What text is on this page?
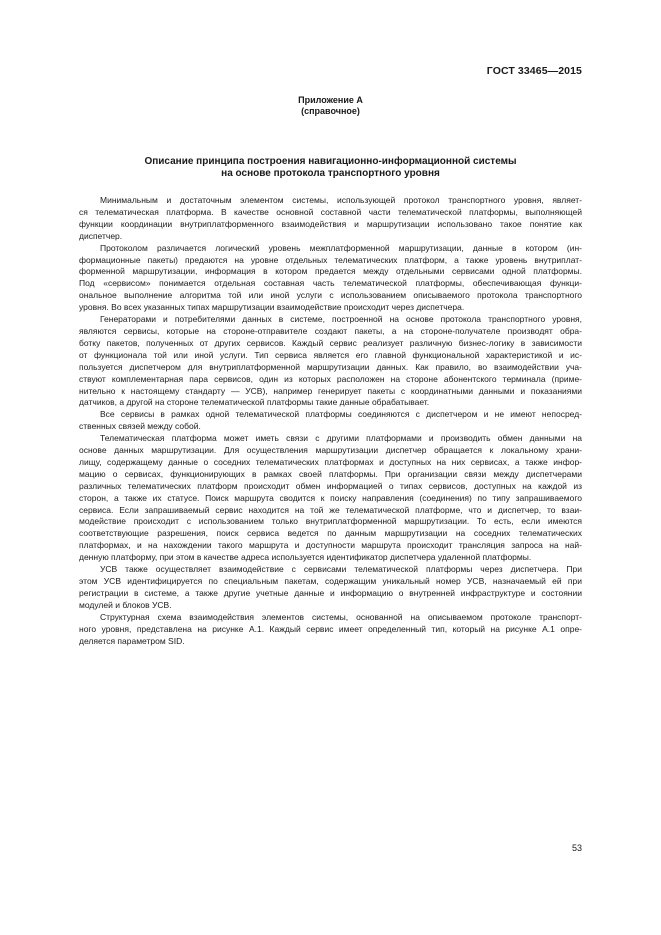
ГОСТ 33465—2015
Приложение А
(справочное)
Описание принципа построения навигационно-информационной системы
на основе протокола транспортного уровня
Минимальным и достаточным элементом системы, использующей протокол транспортного уровня, являет-
ся телематическая платформа. В качестве основной составной части телематической платформы, выполняющей
функции координации внутриплатформенного взаимодействия и маршрутизации использовано такое понятие как
диспетчер.
Протоколом различается логический уровень межплатформенной маршрутизации, данные в котором (ин-
формационные пакеты) предаются на уровне отдельных телематических платформ, а также уровень внутриплат-
форменной маршрутизации, информация в котором предается между отдельными сервисами одной платформы.
Под «сервисом» понимается отдельная составная часть телематической платформы, обеспечивающая функци-
ональное выполнение алгоритма той или иной услуги с использованием описываемого протокола транспортного
уровня. Во всех указанных типах маршрутизации взаимодействие происходит через диспетчера.
Генераторами и потребителями данных в системе, построенной на основе протокола транспортного уровня,
являются сервисы, которые на стороне-отправителе создают пакеты, а на стороне-получателе производят обра-
ботку пакетов, полученных от других сервисов. Каждый сервис реализует различную бизнес-логику в зависимости
от функционала той или иной услуги. Тип сервиса является его главной функциональной характеристикой и ис-
пользуется диспетчером для внутриплатформенной маршрутизации данных. Как правило, во взаимодействии уча-
ствуют комплементарная пара сервисов, один из которых расположен на стороне абонентского терминала (приме-
нительно к настоящему стандарту — УСВ), например генерирует пакеты с координатными данными и показаниями
датчиков, а другой на стороне телематической платформы такие данные обрабатывает.
Все сервисы в рамках одной телематической платформы соединяются с диспетчером и не имеют непосред-
ственных связей между собой.
Телематическая платформа может иметь связи с другими платформами и производить обмен данными на
основе данных маршрутизации. Для осуществления маршрутизации диспетчер обращается к локальному храни-
лищу, содержащему данные о соседних телематических платформах и доступных на них сервисах, а также инфор-
мацию о сервисах, функционирующих в рамках своей платформы. При организации связи между диспетчерами
различных телематических платформ происходит обмен информацией о типах сервисов, доступных на каждой из
сторон, а также их статусе. Поиск маршрута сводится к поиску направления (соединения) по типу запрашиваемого
сервиса. Если запрашиваемый сервис находится на той же телематической платформе, что и диспетчер, то взаи-
модействие происходит с использованием только внутриплатформенной маршрутизации. То есть, если имеются
соответствующие разрешения, поиск сервиса ведется по данным маршрутизации на соседних телематических
платформах, и на нахождении такого маршрута и доступности маршрута происходит трансляция запроса на най-
денную платформу, при этом в качестве адреса используется идентификатор диспетчера удаленной платформы.
УСВ также осуществляет взаимодействие с сервисами телематической платформы через диспетчера. При
этом УСВ идентифицируется по специальным пакетам, содержащим уникальный номер УСВ, назначаемый ей при
регистрации в системе, а также другие учетные данные и информацию о внутренней инфраструктуре и состоянии
модулей и блоков УСВ.
Структурная схема взаимодействия элементов системы, основанной на описываемом протоколе транспорт-
ного уровня, представлена на рисунке А.1. Каждый сервис имеет определенный тип, который на рисунке А.1 опре-
деляется параметром SID.
53
